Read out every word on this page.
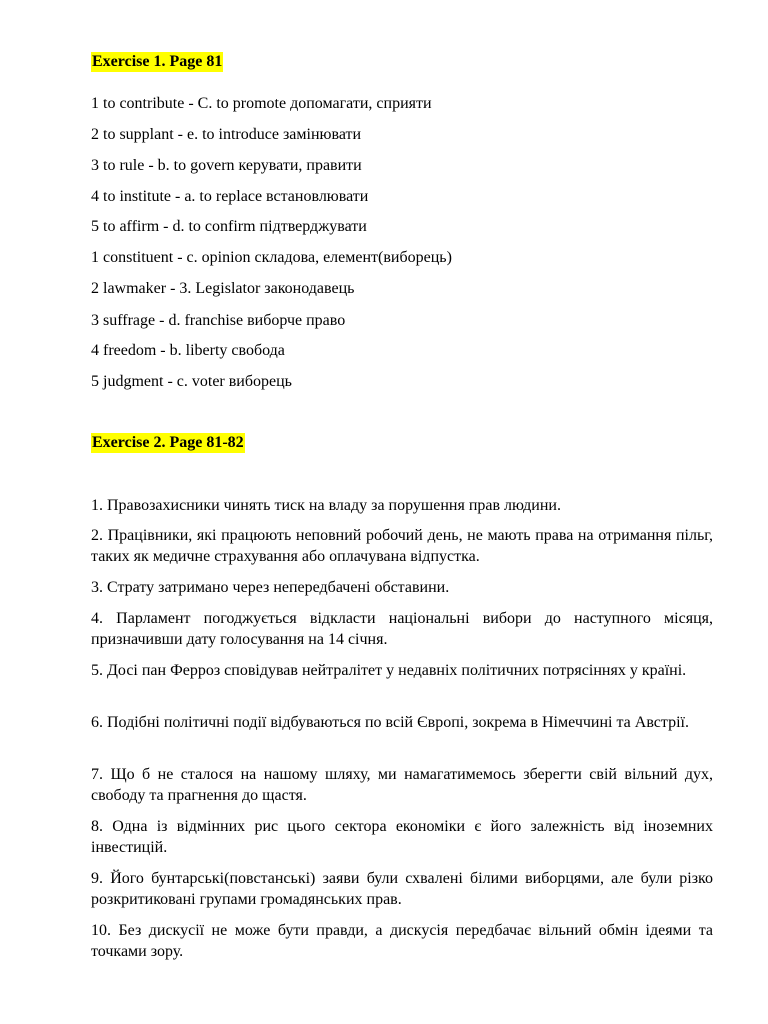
Exercise 1. Page 81
1 to contribute - C. to promote допомагати, сприяти
2 to supplant - e. to introduce замінювати
3 to rule - b. to govern керувати, правити
4 to institute - a. to replace встановлювати
5 to affirm - d. to confirm підтверджувати
1 constituent - c. opinion складова, елемент(виборець)
2 lawmaker - 3. Legislator законодавець
3 suffrage - d. franchise виборче право
4 freedom - b. liberty свобода
5 judgment - c. voter виборець
Exercise 2. Page 81-82
1. Правозахисники чинять тиск на владу за порушення прав людини.
2. Працівники, які працюють неповний робочий день, не мають права на отримання пільг, таких як медичне страхування або оплачувана відпустка.
3. Страту затримано через непередбачені обставини.
4. Парламент погоджується відкласти національні вибори до наступного місяця, призначивши дату голосування на 14 січня.
5. Досі пан Ферроз сповідував нейтралітет у недавніх політичних потрясіннях у країні.
6. Подібні політичні події відбуваються по всій Європі, зокрема в Німеччині та Австрії.
7. Що б не сталося на нашому шляху, ми намагатимемось зберегти свій вільний дух, свободу та прагнення до щастя.
8. Одна із відмінних рис цього сектора економіки є його залежність від іноземних інвестицій.
9. Його бунтарські(повстанські) заяви були схвалені білими виборцями, але були різко розкритиковані групами громадянських прав.
10. Без дискусії не може бути правди, а дискусія передбачає вільний обмін ідеями та точками зору.
